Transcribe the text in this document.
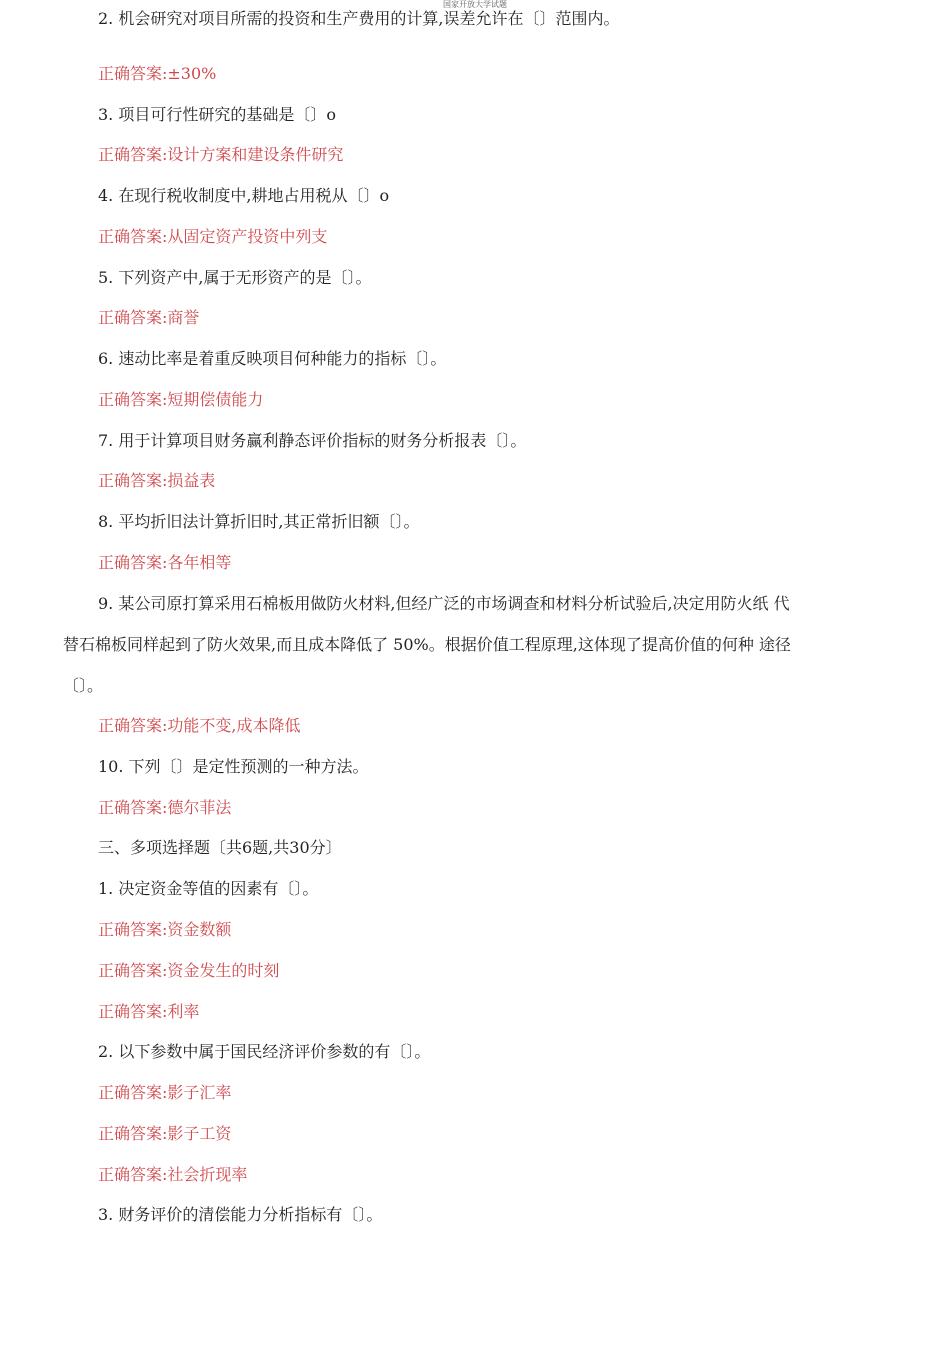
国家开放大学试题
2. 机会研究对项目所需的投资和生产费用的计算,误差允许在〔〕范围内。
正确答案:±30%
3. 项目可行性研究的基础是〔〕o
正确答案:设计方案和建设条件研究
4. 在现行税收制度中,耕地占用税从〔〕o
正确答案:从固定资产投资中列支
5. 下列资产中,属于无形资产的是〔〕。
正确答案:商誉
6. 速动比率是着重反映项目何种能力的指标〔〕。
正确答案:短期偿债能力
7. 用于计算项目财务赢利静态评价指标的财务分析报表〔〕。
正确答案:损益表
8. 平均折旧法计算折旧时,其正常折旧额〔〕。
正确答案:各年相等
9. 某公司原打算采用石棉板用做防火材料,但经广泛的市场调查和材料分析试验后,决定用防火纸 代
替石棉板同样起到了防火效果,而且成本降低了 50%。根据价值工程原理,这体现了提高价值的何种 途径
〔〕。
正确答案:功能不变,成本降低
10. 下列〔〕是定性预测的一种方法。
正确答案:德尔菲法
三、多项选择题〔共6题,共30分〕
1. 决定资金等值的因素有〔〕。
正确答案:资金数额
正确答案:资金发生的时刻
正确答案:利率
2. 以下参数中属于国民经济评价参数的有〔〕。
正确答案:影子汇率
正确答案:影子工资
正确答案:社会折现率
3. 财务评价的清偿能力分析指标有〔〕。
